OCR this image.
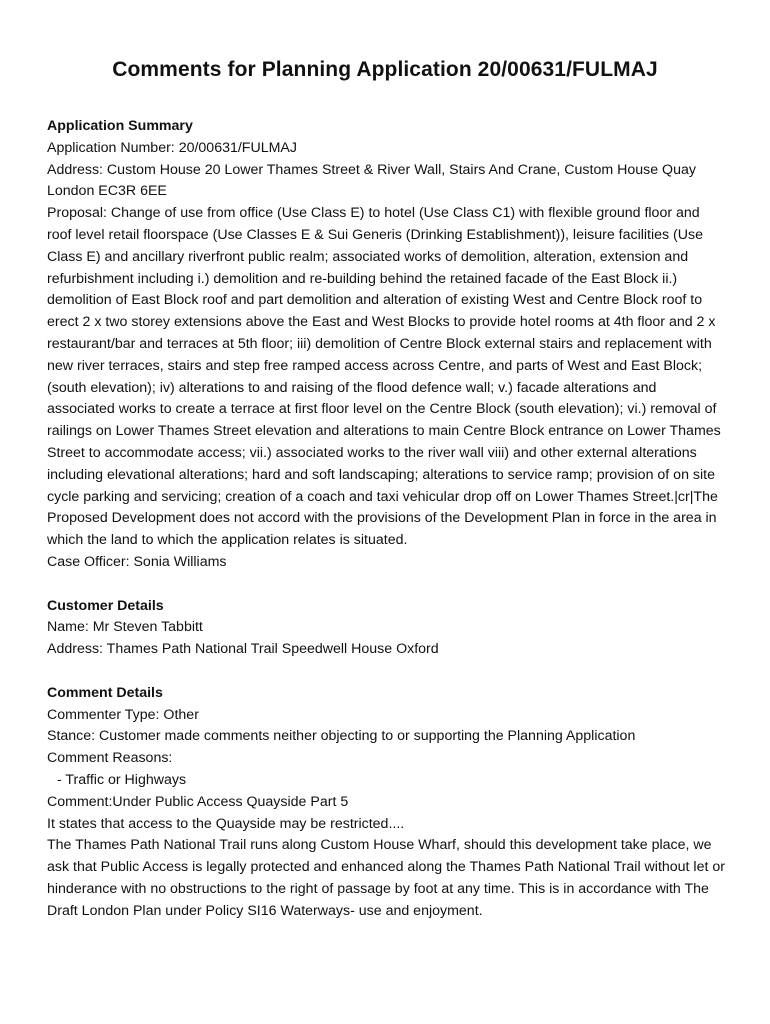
Comments for Planning Application 20/00631/FULMAJ
Application Summary
Application Number: 20/00631/FULMAJ
Address: Custom House 20 Lower Thames Street & River Wall, Stairs And Crane, Custom House Quay London EC3R 6EE
Proposal: Change of use from office (Use Class E) to hotel (Use Class C1) with flexible ground floor and roof level retail floorspace (Use Classes E & Sui Generis (Drinking Establishment)), leisure facilities (Use Class E) and ancillary riverfront public realm; associated works of demolition, alteration, extension and refurbishment including i.) demolition and re-building behind the retained facade of the East Block ii.) demolition of East Block roof and part demolition and alteration of existing West and Centre Block roof to erect 2 x two storey extensions above the East and West Blocks to provide hotel rooms at 4th floor and 2 x restaurant/bar and terraces at 5th floor; iii) demolition of Centre Block external stairs and replacement with new river terraces, stairs and step free ramped access across Centre, and parts of West and East Block; (south elevation); iv) alterations to and raising of the flood defence wall; v.) facade alterations and associated works to create a terrace at first floor level on the Centre Block (south elevation); vi.) removal of railings on Lower Thames Street elevation and alterations to main Centre Block entrance on Lower Thames Street to accommodate access; vii.) associated works to the river wall viii) and other external alterations including elevational alterations; hard and soft landscaping; alterations to service ramp; provision of on site cycle parking and servicing; creation of a coach and taxi vehicular drop off on Lower Thames Street.|cr|The Proposed Development does not accord with the provisions of the Development Plan in force in the area in which the land to which the application relates is situated.
Case Officer: Sonia Williams
Customer Details
Name: Mr Steven Tabbitt
Address: Thames Path National Trail Speedwell House Oxford
Comment Details
Commenter Type: Other
Stance: Customer made comments neither objecting to or supporting the Planning Application
Comment Reasons:
- Traffic or Highways
Comment:Under Public Access Quayside Part 5
It states that access to the Quayside may be restricted....
The Thames Path National Trail runs along Custom House Wharf, should this development take place, we ask that Public Access is legally protected and enhanced along the Thames Path National Trail without let or hinderance with no obstructions to the right of passage by foot at any time. This is in accordance with The Draft London Plan under Policy SI16 Waterways- use and enjoyment.
